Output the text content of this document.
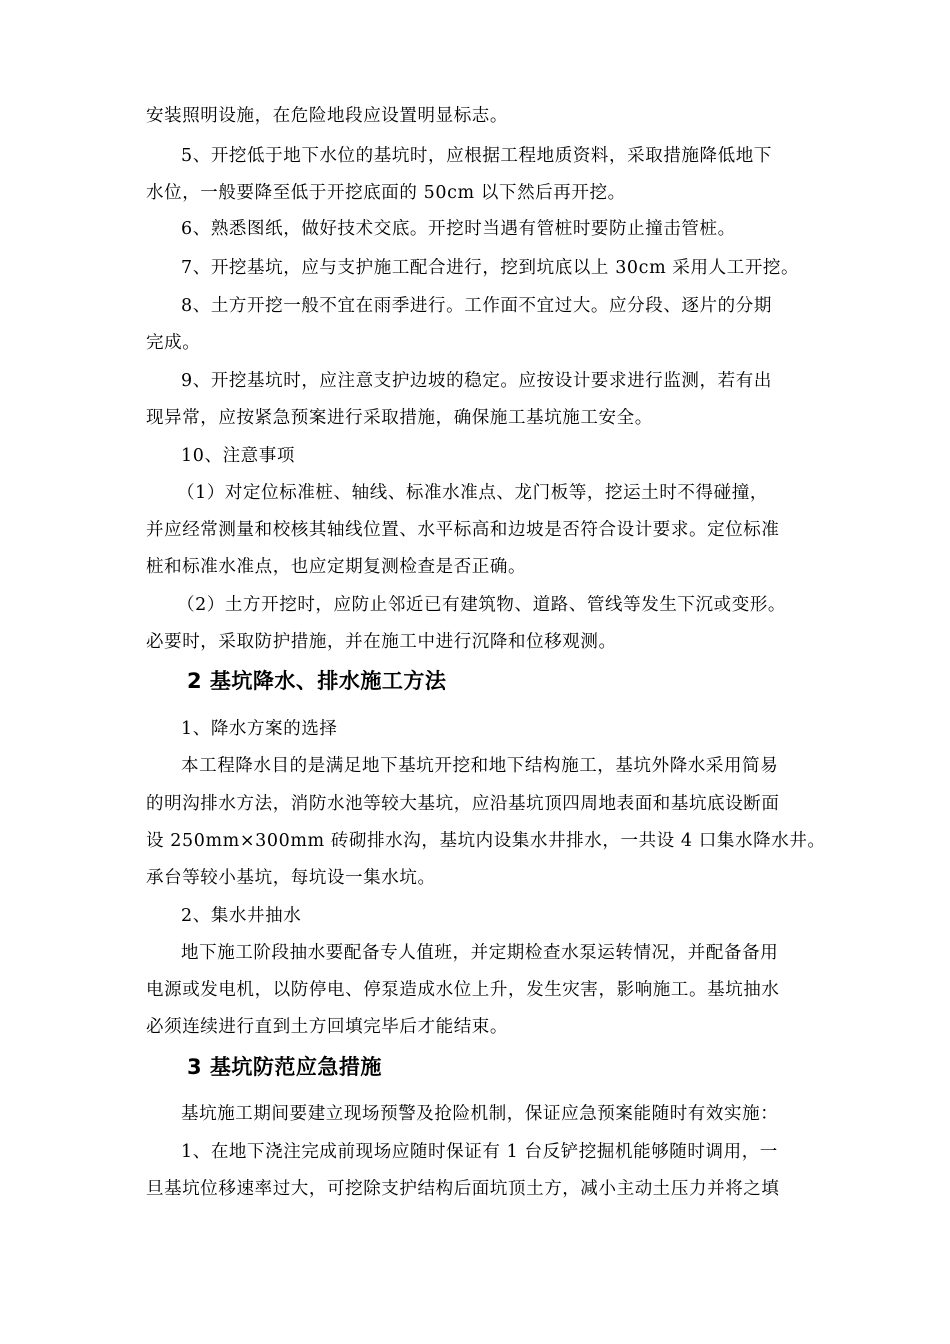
安装照明设施，在危险地段应设置明显标志。
5、开挖低于地下水位的基坑时，应根据工程地质资料，采取措施降低地下
水位，一般要降至低于开挖底面的 50cm 以下然后再开挖。
6、熟悉图纸，做好技术交底。开挖时当遇有管桩时要防止撞击管桩。
7、开挖基坑，应与支护施工配合进行，挖到坑底以上 30cm 采用人工开挖。
8、土方开挖一般不宜在雨季进行。工作面不宜过大。应分段、逐片的分期
完成。
9、开挖基坑时，应注意支护边坡的稳定。应按设计要求进行监测，若有出
现异常，应按紧急预案进行采取措施，确保施工基坑施工安全。
10、注意事项
（1）对定位标准桩、轴线、标准水准点、龙门板等，挖运土时不得碰撞，
并应经常测量和校核其轴线位置、水平标高和边坡是否符合设计要求。定位标准
桩和标准水准点，也应定期复测检查是否正确。
（2）土方开挖时，应防止邻近已有建筑物、道路、管线等发生下沉或变形。
必要时，采取防护措施，并在施工中进行沉降和位移观测。
2 基坑降水、排水施工方法
1、降水方案的选择
本工程降水目的是满足地下基坑开挖和地下结构施工，基坑外降水采用简易
的明沟排水方法，消防水池等较大基坑，应沿基坑顶四周地表面和基坑底设断面
设 250mm×300mm 砖砌排水沟，基坑内设集水井排水，一共设 4 口集水降水井。
承台等较小基坑，每坑设一集水坑。
2、集水井抽水
地下施工阶段抽水要配备专人值班，并定期检查水泵运转情况，并配备备用
电源或发电机，以防停电、停泵造成水位上升，发生灾害，影响施工。基坑抽水
必须连续进行直到土方回填完毕后才能结束。
3 基坑防范应急措施
基坑施工期间要建立现场预警及抢险机制，保证应急预案能随时有效实施：
1、在地下浇注完成前现场应随时保证有 1 台反铲挖掘机能够随时调用，一
旦基坑位移速率过大，可挖除支护结构后面坑顶土方，减小主动土压力并将之填
